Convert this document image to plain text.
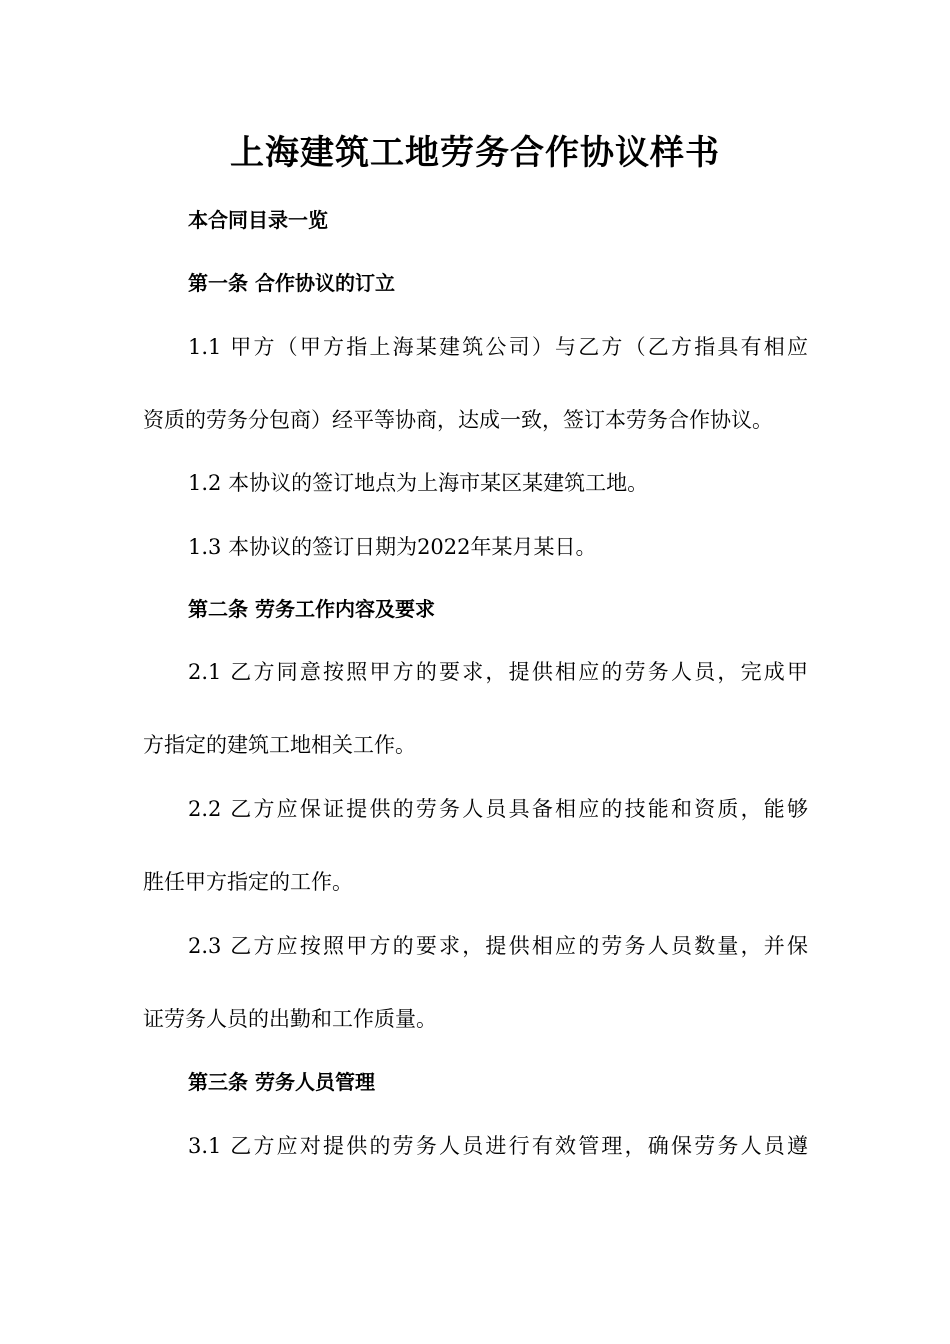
上海建筑工地劳务合作协议样书
本合同目录一览
第一条 合作协议的订立
1.1 甲方（甲方指上海某建筑公司）与乙方（乙方指具有相应
资质的劳务分包商）经平等协商，达成一致，签订本劳务合作协议。
1.2 本协议的签订地点为上海市某区某建筑工地。
1.3 本协议的签订日期为2022年某月某日。
第二条 劳务工作内容及要求
2.1 乙方同意按照甲方的要求，提供相应的劳务人员，完成甲
方指定的建筑工地相关工作。
2.2 乙方应保证提供的劳务人员具备相应的技能和资质，能够
胜任甲方指定的工作。
2.3 乙方应按照甲方的要求，提供相应的劳务人员数量，并保
证劳务人员的出勤和工作质量。
第三条 劳务人员管理
3.1 乙方应对提供的劳务人员进行有效管理，确保劳务人员遵
